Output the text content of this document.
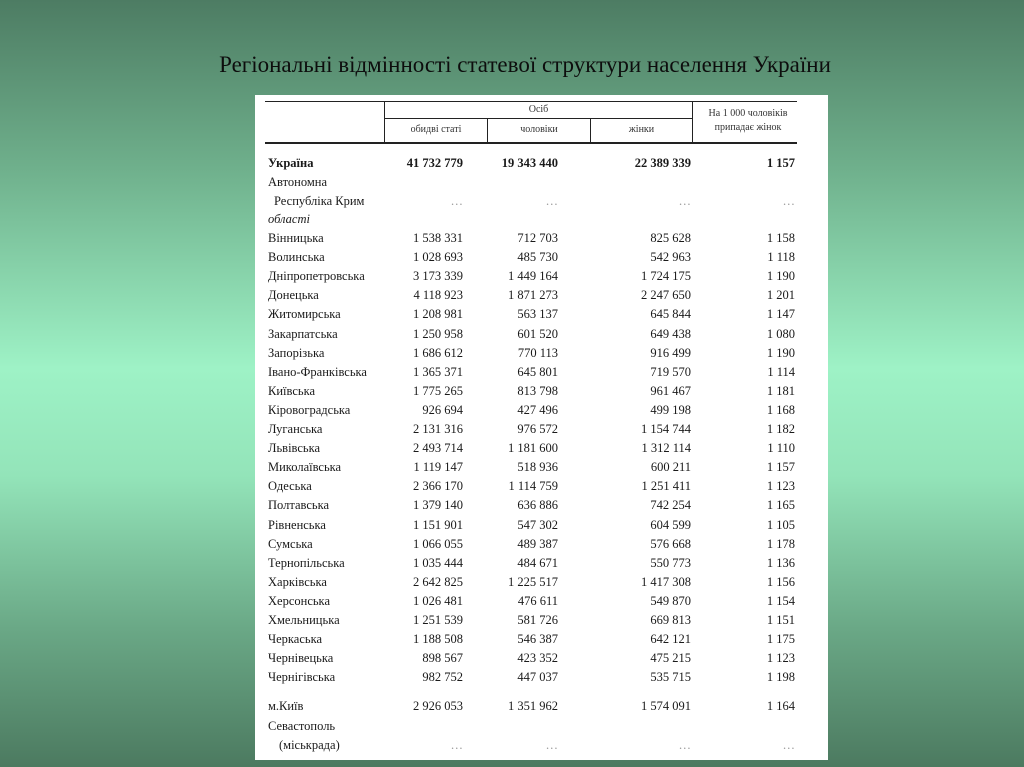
Регіональні відмінності статевої структури населення України
Осіб
обидві статі	чоловіки	жінки
На 1 000 чоловіків
припадає жінок
Україна	41 732 779	19 343 440	22 389 339	1 157
Автономна
Республіка Крим	…	…	…	…
області
Вінницька	1 538 331	712 703	825 628	1 158
Волинська	1 028 693	485 730	542 963	1 118
Дніпропетровська	3 173 339	1 449 164	1 724 175	1 190
Донецька	4 118 923	1 871 273	2 247 650	1 201
Житомирська	1 208 981	563 137	645 844	1 147
Закарпатська	1 250 958	601 520	649 438	1 080
Запорізька	1 686 612	770 113	916 499	1 190
Івано-Франківська	1 365 371	645 801	719 570	1 114
Київська	1 775 265	813 798	961 467	1 181
Кіровоградська	926 694	427 496	499 198	1 168
Луганська	2 131 316	976 572	1 154 744	1 182
Львівська	2 493 714	1 181 600	1 312 114	1 110
Миколаївська	1 119 147	518 936	600 211	1 157
Одеська	2 366 170	1 114 759	1 251 411	1 123
Полтавська	1 379 140	636 886	742 254	1 165
Рівненська	1 151 901	547 302	604 599	1 105
Сумська	1 066 055	489 387	576 668	1 178
Тернопільська	1 035 444	484 671	550 773	1 136
Харківська	2 642 825	1 225 517	1 417 308	1 156
Херсонська	1 026 481	476 611	549 870	1 154
Хмельницька	1 251 539	581 726	669 813	1 151
Черкаська	1 188 508	546 387	642 121	1 175
Чернівецька	898 567	423 352	475 215	1 123
Чернігівська	982 752	447 037	535 715	1 198
м.Київ	2 926 053	1 351 962	1 574 091	1 164
Севастополь
(міськрада)	…	…	…	…
